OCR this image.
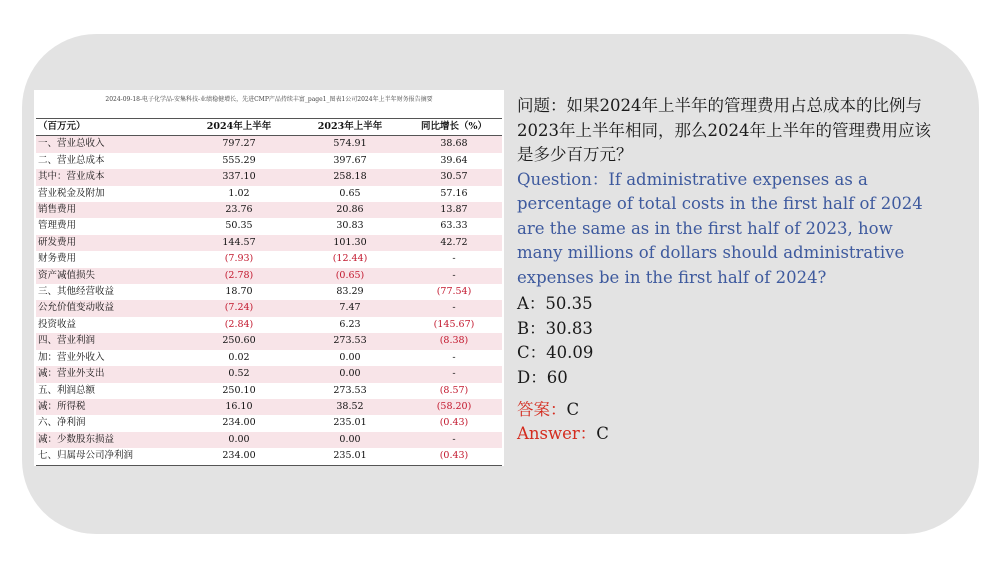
2024-09-18-电子化学品-安集科技-业绩稳健增长，先进CMP产品持续丰富_page1_图表1公司2024年上半年财务报告摘要
（百万元）	2024年上半年	2023年上半年	同比增长（%）
一、营业总收入	797.27	574.91	38.68
二、营业总成本	555.29	397.67	39.64
其中：营业成本	337.10	258.18	30.57
营业税金及附加	1.02	0.65	57.16
销售费用	23.76	20.86	13.87
管理费用	50.35	30.83	63.33
研发费用	144.57	101.30	42.72
财务费用	(7.93)	(12.44)	-
资产减值损失	(2.78)	(0.65)	-
三、其他经营收益	18.70	83.29	(77.54)
公允价值变动收益	(7.24)	7.47	-
投资收益	(2.84)	6.23	(145.67)
四、营业利润	250.60	273.53	(8.38)
加：营业外收入	0.02	0.00	-
减：营业外支出	0.52	0.00	-
五、利润总额	250.10	273.53	(8.57)
减：所得税	16.10	38.52	(58.20)
六、净利润	234.00	235.01	(0.43)
减：少数股东损益	0.00	0.00	-
七、归属母公司净利润	234.00	235.01	(0.43)

问题：如果2024年上半年的管理费用占总成本的比例与2023年上半年相同，那么2024年上半年的管理费用应该是多少百万元？

Question：If administrative expenses as a percentage of total costs in the first half of 2024 are the same as in the first half of 2023, how many millions of dollars should administrative expenses be in the first half of 2024?

A：50.35
B：30.83
C：40.09
D：60
答案：C
Answer：C
